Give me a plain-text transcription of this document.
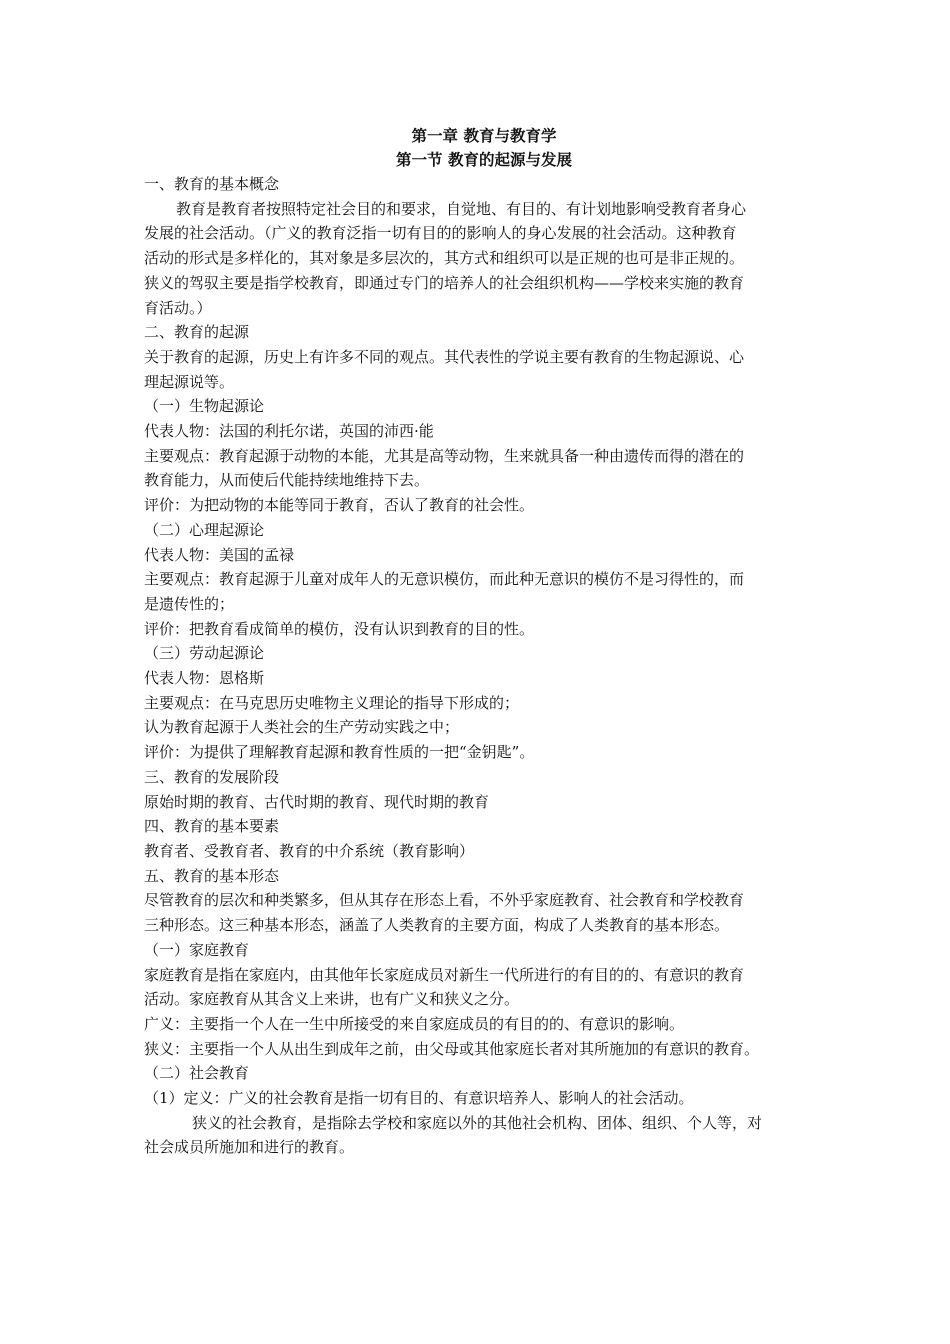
第一章 教育与教育学
第一节 教育的起源与发展
一、教育的基本概念
教育是教育者按照特定社会目的和要求，自觉地、有目的、有计划地影响受教育者身心
发展的社会活动。（广义的教育泛指一切有目的的影响人的身心发展的社会活动。这种教育
活动的形式是多样化的，其对象是多层次的，其方式和组织可以是正规的也可是非正规的。
狭义的驾驭主要是指学校教育，即通过专门的培养人的社会组织机构——学校来实施的教育
育活动。）
二、教育的起源
关于教育的起源，历史上有许多不同的观点。其代表性的学说主要有教育的生物起源说、心
理起源说等。
（一）生物起源论
代表人物：法国的利托尔诺，英国的沛西·能
主要观点：教育起源于动物的本能，尤其是高等动物，生来就具备一种由遗传而得的潜在的
教育能力，从而使后代能持续地维持下去。
评价：为把动物的本能等同于教育，否认了教育的社会性。
（二）心理起源论
代表人物：美国的孟禄
主要观点：教育起源于儿童对成年人的无意识模仿，而此种无意识的模仿不是习得性的，而
是遗传性的；
评价：把教育看成简单的模仿，没有认识到教育的目的性。
（三）劳动起源论
代表人物：恩格斯
主要观点：在马克思历史唯物主义理论的指导下形成的；
认为教育起源于人类社会的生产劳动实践之中；
评价：为提供了理解教育起源和教育性质的一把“金钥匙”。
三、教育的发展阶段
原始时期的教育、古代时期的教育、现代时期的教育
四、教育的基本要素
教育者、受教育者、教育的中介系统（教育影响）
五、教育的基本形态
尽管教育的层次和种类繁多，但从其存在形态上看，不外乎家庭教育、社会教育和学校教育
三种形态。这三种基本形态，涵盖了人类教育的主要方面，构成了人类教育的基本形态。
（一）家庭教育
家庭教育是指在家庭内，由其他年长家庭成员对新生一代所进行的有目的的、有意识的教育
活动。家庭教育从其含义上来讲，也有广义和狭义之分。
广义：主要指一个人在一生中所接受的来自家庭成员的有目的的、有意识的影响。
狭义：主要指一个人从出生到成年之前，由父母或其他家庭长者对其所施加的有意识的教育。
（二）社会教育
（1）定义：广义的社会教育是指一切有目的、有意识培养人、影响人的社会活动。
狭义的社会教育，是指除去学校和家庭以外的其他社会机构、团体、组织、个人等，对
社会成员所施加和进行的教育。
